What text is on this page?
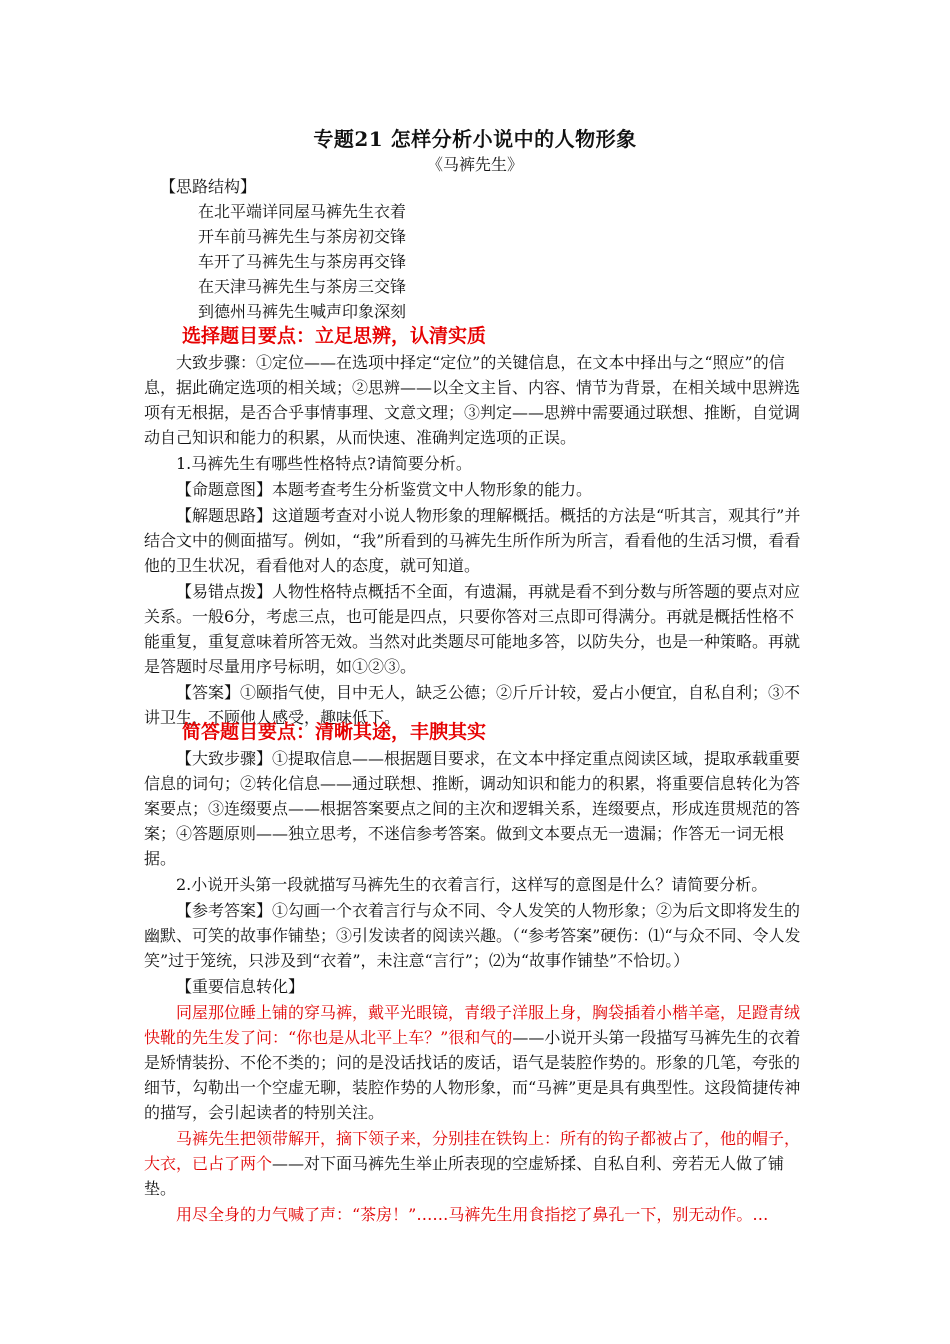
专题21 怎样分析小说中的人物形象
《马裤先生》
【思路结构】
在北平端详同屋马裤先生衣着
开车前马裤先生与茶房初交锋
车开了马裤先生与茶房再交锋
在天津马裤先生与茶房三交锋
到德州马裤先生喊声印象深刻
选择题目要点：立足思辨，认清实质

大致步骤：①定位——在选项中择定“定位”的关键信息，在文本中择出与之“照应”的信息，据此确定选项的相关域；②思辨——以全文主旨、内容、情节为背景，在相关域中思辨选项有无根据，是否合乎事情事理、文意文理；③判定——思辨中需要通过联想、推断，自觉调动自己知识和能力的积累，从而快速、准确判定选项的正误。

1.马裤先生有哪些性格特点?请简要分析。

【命题意图】本题考查考生分析鉴赏文中人物形象的能力。

【解题思路】这道题考查对小说人物形象的理解概括。概括的方法是“听其言，观其行”并结合文中的侧面描写。例如，“我”所看到的马裤先生所作所为所言，看看他的生活习惯，看看他的卫生状况，看看他对人的态度，就可知道。

【易错点拨】人物性格特点概括不全面，有遗漏，再就是看不到分数与所答题的要点对应关系。一般6分，考虑三点，也可能是四点，只要你答对三点即可得满分。再就是概括性格不能重复，重复意味着所答无效。当然对此类题尽可能地多答，以防失分，也是一种策略。再就是答题时尽量用序号标明，如①②③。

【答案】①颐指气使，目中无人，缺乏公德；②斤斤计较，爱占小便宜，自私自利；③不讲卫生，不顾他人感受，趣味低下。

简答题目要点：清晰其途，丰腴其实

【大致步骤】①提取信息——根据题目要求，在文本中择定重点阅读区域，提取承载重要信息的词句；②转化信息——通过联想、推断，调动知识和能力的积累，将重要信息转化为答案要点；③连缀要点——根据答案要点之间的主次和逻辑关系，连缀要点，形成连贯规范的答案；④答题原则——独立思考，不迷信参考答案。做到文本要点无一遗漏；作答无一词无根据。

2.小说开头第一段就描写马裤先生的衣着言行，这样写的意图是什么？请简要分析。

【参考答案】①勾画一个衣着言行与众不同、令人发笑的人物形象；②为后文即将发生的幽默、可笑的故事作铺垫；③引发读者的阅读兴趣。（“参考答案”硬伤：⑴“与众不同、令人发笑”过于笼统，只涉及到“衣着”，未注意“言行”；⑵为“故事作铺垫”不恰切。）

【重要信息转化】

同屋那位睡上铺的穿马裤，戴平光眼镜，青缎子洋服上身，胸袋插着小楷羊毫，足蹬青绒快靴的先生发了问：“你也是从北平上车？”很和气的——小说开头第一段描写马裤先生的衣着是矫情装扮、不伦不类的；问的是没话找话的废话，语气是装腔作势的。形象的几笔，夸张的细节，勾勒出一个空虚无聊，装腔作势的人物形象，而“马裤”更是具有典型性。这段简捷传神的描写，会引起读者的特别关注。

马裤先生把领带解开，摘下领子来，分别挂在铁钩上：所有的钩子都被占了，他的帽子，大衣，已占了两个——对下面马裤先生举止所表现的空虚矫揉、自私自利、旁若无人做了铺垫。

用尽全身的力气喊了声：“茶房！”……马裤先生用食指挖了鼻孔一下，别无动作。…
